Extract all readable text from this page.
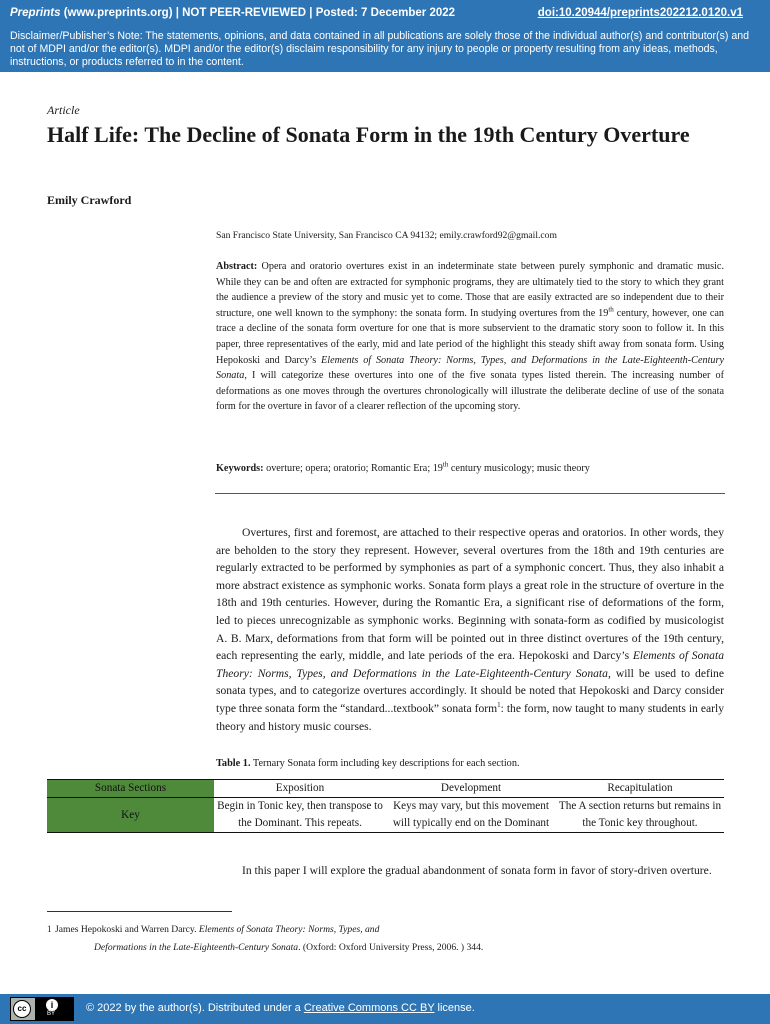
Preprints (www.preprints.org) | NOT PEER-REVIEWED | Posted: 7 December 2022	doi:10.20944/preprints202212.0120.v1
Disclaimer/Publisher’s Note: The statements, opinions, and data contained in all publications are solely those of the individual author(s) and contributor(s) and not of MDPI and/or the editor(s). MDPI and/or the editor(s) disclaim responsibility for any injury to people or property resulting from any ideas, methods, instructions, or products referred to in the content.
Article
Half Life: The Decline of Sonata Form in the 19th Century Overture
Emily Crawford
San Francisco State University, San Francisco CA 94132; emily.crawford92@gmail.com
Abstract: Opera and oratorio overtures exist in an indeterminate state between purely symphonic and dramatic music. While they can be and often are extracted for symphonic programs, they are ultimately tied to the story to which they grant the audience a preview of the story and music yet to come. Those that are easily extracted are so independent due to their structure, one well known to the symphony: the sonata form. In studying overtures from the 19th century, however, one can trace a decline of the sonata form overture for one that is more subservient to the dramatic story soon to follow it. In this paper, three representatives of the early, mid and late period of the highlight this steady shift away from sonata form. Using Hepokoski and Darcy’s Elements of Sonata Theory: Norms, Types, and Deformations in the Late-Eighteenth-Century Sonata, I will categorize these overtures into one of the five sonata types listed therein. The increasing number of deformations as one moves through the overtures chronologically will illustrate the deliberate decline of use of the sonata form for the overture in favor of a clearer reflection of the upcoming story.
Keywords: overture; opera; oratorio; Romantic Era; 19th century musicology; music theory

Overtures, first and foremost, are attached to their respective operas and oratorios. In other words, they are beholden to the story they represent. However, several overtures from the 18th and 19th centuries are regularly extracted to be performed by symphonies as part of a symphonic concert. Thus, they also inhabit a more abstract existence as symphonic works. Sonata form plays a great role in the structure of overture in the 18th and 19th centuries. However, during the Romantic Era, a significant rise of deformations of the form, led to pieces unrecognizable as symphonic works. Beginning with sonata-form as codified by musicologist A. B. Marx, deformations from that form will be pointed out in three distinct overtures of the 19th century, each representing the early, middle, and late periods of the era. Hepokoski and Darcy’s Elements of Sonata Theory: Norms, Types, and Deformations in the Late-Eighteenth-Century Sonata, will be used to define sonata types, and to categorize overtures accordingly. It should be noted that Hepokoski and Darcy consider type three sonata form the “standard...textbook” sonata form$^1$: the form, now taught to many students in early theory and history music courses.

Table 1. Ternary Sonata form including key descriptions for each section.
Sonata Sections	Exposition	Development	Recapitulation
Key	Begin in Tonic key, then transpose to the Dominant. This repeats.	Keys may vary, but this movement will typically end on the Dominant	The A section returns but remains in the Tonic key throughout.

In this paper I will explore the gradual abandonment of sonata form in favor of story-driven overture.

1 James Hepokoski and Warren Darcy. Elements of Sonata Theory: Norms, Types, and
Deformations in the Late-Eighteenth-Century Sonata. (Oxford: Oxford University Press, 2006. ) 344.
cc	i
BY	© 2022 by the author(s). Distributed under a Creative Commons CC BY license.
